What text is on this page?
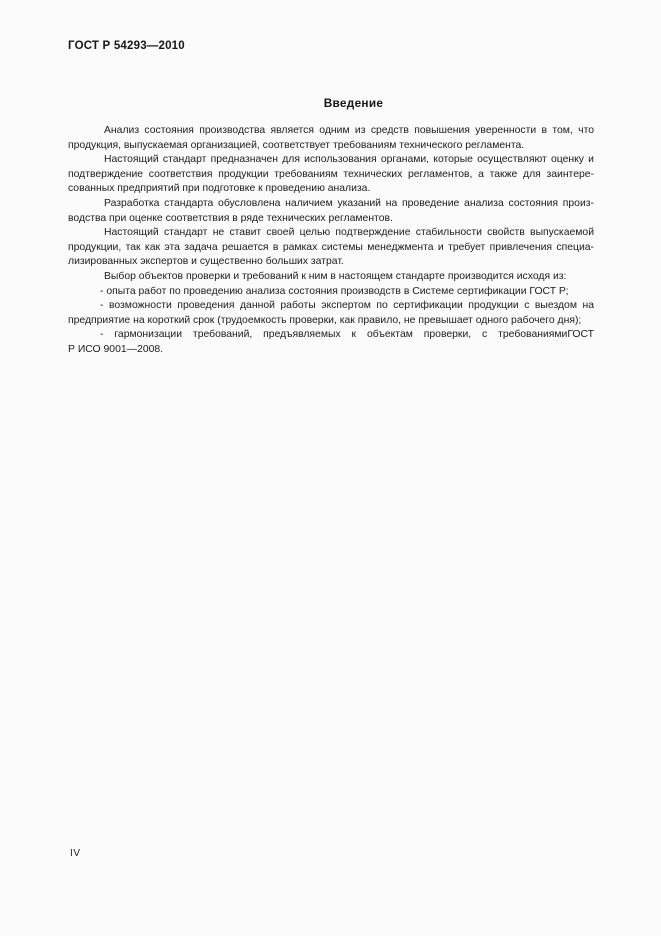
ГОСТ Р 54293—2010
Введение

Анализ состояния производства является одним из средств повышения уверенности в том, что продукция, выпускаемая организацией, соответствует требованиям технического регламента.

Настоящий стандарт предназначен для использования органами, которые осуществляют оценку и подтверждение соответствия продукции требованиям технических регламентов, а также для заинтере-сованных предприятий при подготовке к проведению анализа.

Разработка стандарта обусловлена наличием указаний на проведение анализа состояния произ-водства при оценке соответствия в ряде технических регламентов.

Настоящий стандарт не ставит своей целью подтверждение стабильности свойств выпускаемой продукции, так как эта задача решается в рамках системы менеджмента и требует привлечения специа-лизированных экспертов и существенно больших затрат.

Выбор объектов проверки и требований к ним в настоящем стандарте производится исходя из:

- опыта работ по проведению анализа состояния производств в Системе сертификации ГОСТ Р;

- возможности проведения данной работы экспертом по сертификации продукции с выездом на предприятие на короткий срок (трудоемкость проверки, как правило, не превышает одного рабочего дня);

- гармонизации требований, предъявляемых к объектам проверки, с требованиямиГОСТ Р ИСО 9001—2008.

IV
